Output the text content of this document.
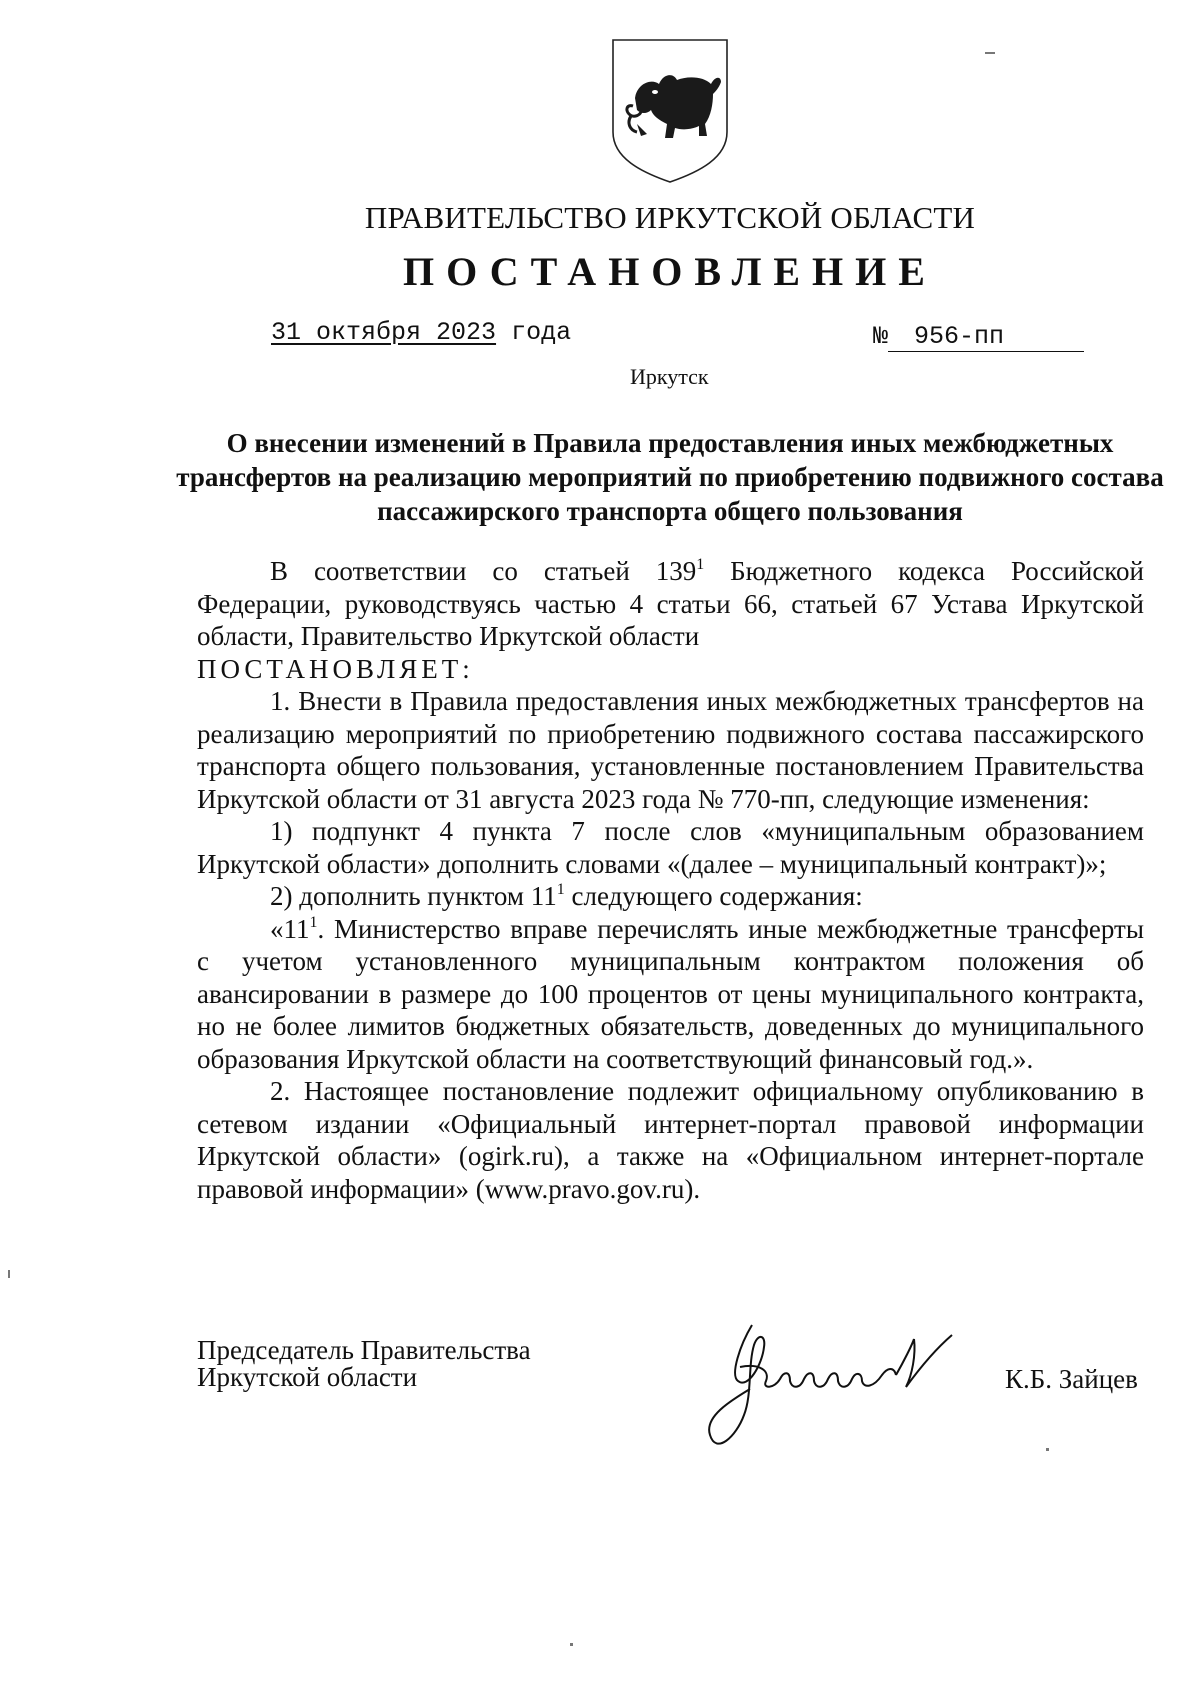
ПРАВИТЕЛЬСТВО ИРКУТСКОЙ ОБЛАСТИ
ПОСТАНОВЛЕНИЕ
31 октября 2023 года	№ 956-пп
Иркутск
О внесении изменений в Правила предоставления иных межбюджетных трансфертов на реализацию мероприятий по приобретению подвижного состава пассажирского транспорта общего пользования

В соответствии со статьей $139^1$ Бюджетного кодекса Российской Федерации, руководствуясь частью 4 статьи 66, статьей 67 Устава Иркутской области, Правительство Иркутской области

ПОСТАНОВЛЯЕТ:

1. Внести в Правила предоставления иных межбюджетных трансфертов на реализацию мероприятий по приобретению подвижного состава пассажирского транспорта общего пользования, установленные постановлением Правительства Иркутской области от 31 августа 2023 года № 770-пп, следующие изменения:

1) подпункт 4 пункта 7 после слов «муниципальным образованием Иркутской области» дополнить словами «(далее – муниципальный контракт)»;

2) дополнить пунктом $11^1$ следующего содержания:

«$11^1$. Министерство вправе перечислять иные межбюджетные трансферты с учетом установленного муниципальным контрактом положения об авансировании в размере до 100 процентов от цены муниципального контракта, но не более лимитов бюджетных обязательств, доведенных до муниципального образования Иркутской области на соответствующий финансовый год.».

2. Настоящее постановление подлежит официальному опубликованию в сетевом издании «Официальный интернет-портал правовой информации Иркутской области» (ogirk.ru), а также на «Официальном интернет-портале правовой информации» (www.pravo.gov.ru).

Председатель Правительства
Иркутской области	К.Б. Зайцев
